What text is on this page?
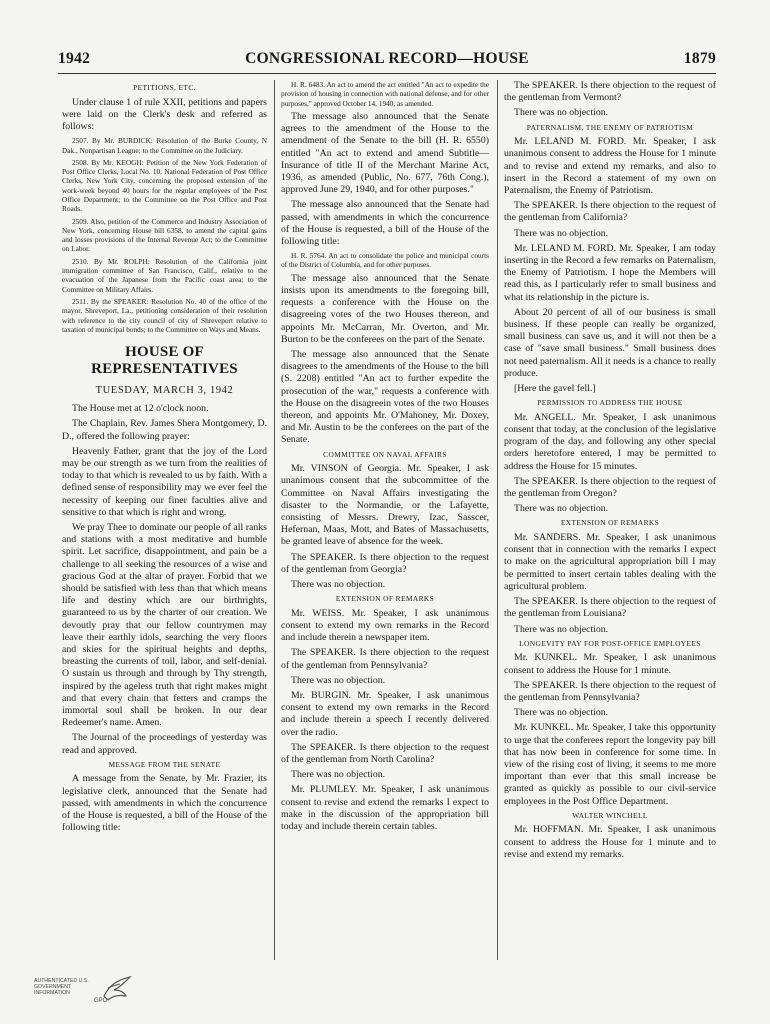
1942	CONGRESSIONAL RECORD—HOUSE	1879
PETITIONS, ETC.

Under clause 1 of rule XXII, petitions and papers were laid on the Clerk's desk and referred as follows:

2507. By Mr. BURDICK: Resolution of the Burke County, N Dak., Nonpartisan League; to the Committee on the Judiciary.

2508. By Mr. KEOGH: Petition of the New York Federation of Post Office Clerks, Local No. 10, National Federation of Post Office Clerks, New York City, concerning the proposed extension of the work-week beyond 40 hours for the regular employees of the Post Office Department; to the Committee on the Post Office and Post Roads.

2509. Also, petition of the Commerce and Industry Association of New York, concerning House bill 6358, to amend the capital gains and losses provisions of the Internal Revenue Act; to the Committee on Labor.

2510. By Mr. ROLPH: Resolution of the California joint immigration committee of San Francisco, Calif., relative to the evacuation of the Japanese from the Pacific coast area; to the Committee on Military Affairs.

2511. By the SPEAKER: Resolution No. 40 of the office of the mayor, Shreveport, La., petitioning consideration of their resolution with reference to the city council of city of Shreveport relative to taxation of municipal bonds; to the Committee on Ways and Means.

HOUSE OF REPRESENTATIVES
TUESDAY, MARCH 3, 1942

The House met at 12 o'clock noon.

The Chaplain, Rev. James Shera Montgomery, D. D., offered the following prayer:

Heavenly Father, grant that the joy of the Lord may be our strength as we turn from the realities of today to that which is revealed to us by faith. With a defined sense of responsibility may we ever feel the necessity of keeping our finer faculties alive and sensitive to that which is right and wrong.

We pray Thee to dominate our people of all ranks and stations with a most meditative and humble spirit. Let sacrifice, disappointment, and pain be a challenge to all seeking the resources of a wise and gracious God at the altar of prayer. Forbid that we should be satisfied with less than that which means life and destiny which are our birthrights, guaranteed to us by the charter of our creation. We devoutly pray that our fellow countrymen may leave their earthly idols, searching the very floors and skies for the spiritual heights and depths, breasting the currents of toil, labor, and self-denial. O sustain us through and through by Thy strength, inspired by the ageless truth that right makes might and that every chain that fetters and cramps the immortal soul shall be broken. In our dear Redeemer's name. Amen.

The Journal of the proceedings of yesterday was read and approved.

MESSAGE FROM THE SENATE

A message from the Senate, by Mr. Frazier, its legislative clerk, announced that the Senate had passed, with amendments in which the concurrence of the House is requested, a bill of the House of the following title:

H. R. 6483. An act to amend the act entitled "An act to expedite the provision of housing in connection with national defense, and for other purposes," approved October 14, 1940, as amended.

The message also announced that the Senate agrees to the amendment of the House to the amendment of the Senate to the bill (H. R. 6550) entitled "An act to extend and amend Subtitle—Insurance of title II of the Merchant Marine Act, 1936, as amended (Public, No. 677, 76th Cong.), approved June 29, 1940, and for other purposes."

The message also announced that the Senate had passed, with amendments in which the concurrence of the House is requested, a bill of the House of the following title:

H. R. 5764. An act to consolidate the police and municipal courts of the District of Columbia, and for other purposes.

The message also announced that the Senate insists upon its amendments to the foregoing bill, requests a conference with the House on the disagreeing votes of the two Houses thereon, and appoints Mr. McCarran, Mr. Overton, and Mr. Burton to be the conferees on the part of the Senate.

The message also announced that the Senate disagrees to the amendments of the House to the bill (S. 2208) entitled "An act to further expedite the prosecution of the war," requests a conference with the House on the disagreein votes of the two Houses thereon, and appoints Mr. O'Mahoney, Mr. Doxey, and Mr. Austin to be the conferees on the part of the Senate.

COMMITTEE ON NAVAL AFFAIRS

Mr. VINSON of Georgia. Mr. Speaker, I ask unanimous consent that the subcommittee of the Committee on Naval Affairs investigating the disaster to the Normandie, or the Lafayette, consisting of Messrs. Drewry, Izac, Sasscer, Hefernan, Maas, Mott, and Bates of Massachusetts, be granted leave of absence for the week.

The SPEAKER. Is there objection to the request of the gentleman from Georgia?

There was no objection.

EXTENSION OF REMARKS

Mr. WEISS. Mr. Speaker, I ask unanimous consent to extend my own remarks in the Record and include therein a newspaper item.

The SPEAKER. Is there objection to the request of the gentleman from Pennsylvania?

There was no objection.

Mr. BURGIN. Mr. Speaker, I ask unanimous consent to extend my own remarks in the Record and include therein a speech I recently delivered over the radio.

The SPEAKER. Is there objection to the request of the gentleman from North Carolina?

There was no objection.

Mr. PLUMLEY. Mr. Speaker, I ask unanimous consent to revise and extend the remarks I expect to make in the discussion of the appropriation bill today and include therein certain tables.

The SPEAKER. Is there objection to the request of the gentleman from Vermont?

There was no objection.

PATERNALISM, THE ENEMY OF PATRIOTISM

Mr. LELAND M. FORD. Mr. Speaker, I ask unanimous consent to address the House for 1 minute and to revise and extend my remarks, and also to insert in the Record a statement of my own on Paternalism, the Enemy of Patriotism.

The SPEAKER. Is there objection to the request of the gentleman from California?

There was no objection.

Mr. LELAND M. FORD. Mr. Speaker, I am today inserting in the Record a few remarks on Paternalism, the Enemy of Patriotism. I hope the Members will read this, as I particularly refer to small business and what its relationship in the picture is.

About 20 percent of all of our business is small business. If these people can really be organized, small business can save us, and it will not then be a case of "save small business." Small business does not need paternalism. All it needs is a chance to really produce.

[Here the gavel fell.]

PERMISSION TO ADDRESS THE HOUSE

Mr. ANGELL. Mr. Speaker, I ask unanimous consent that today, at the conclusion of the legislative program of the day, and following any other special orders heretofore entered, I may be permitted to address the House for 15 minutes.

The SPEAKER. Is there objection to the request of the gentleman from Oregon?

There was no objection.

EXTENSION OF REMARKS

Mr. SANDERS. Mr. Speaker, I ask unanimous consent that in connection with the remarks I expect to make on the agricultural appropriation bill I may be permitted to insert certain tables dealing with the agricultural problem.

The SPEAKER. Is there objection to the request of the gentleman from Louisiana?

There was no objection.

LONGEVITY PAY FOR POST-OFFICE EMPLOYEES

Mr. KUNKEL. Mr. Speaker, I ask unanimous consent to address the House for 1 minute.

The SPEAKER. Is there objection to the request of the gentleman from Pennsylvania?

There was no objection.

Mr. KUNKEL. Mr. Speaker, I take this opportunity to urge that the conferees report the longevity pay bill that has now been in conference for some time. In view of the rising cost of living, it seems to me more important than ever that this small increase be granted as quickly as possible to our civil-service employees in the Post Office Department.

WALTER WINCHELL

Mr. HOFFMAN. Mr. Speaker, I ask unanimous consent to address the House for 1 minute and to revise and extend my remarks.

AUTHENTICATED U.S. GOVERNMENT INFORMATION
GPO
